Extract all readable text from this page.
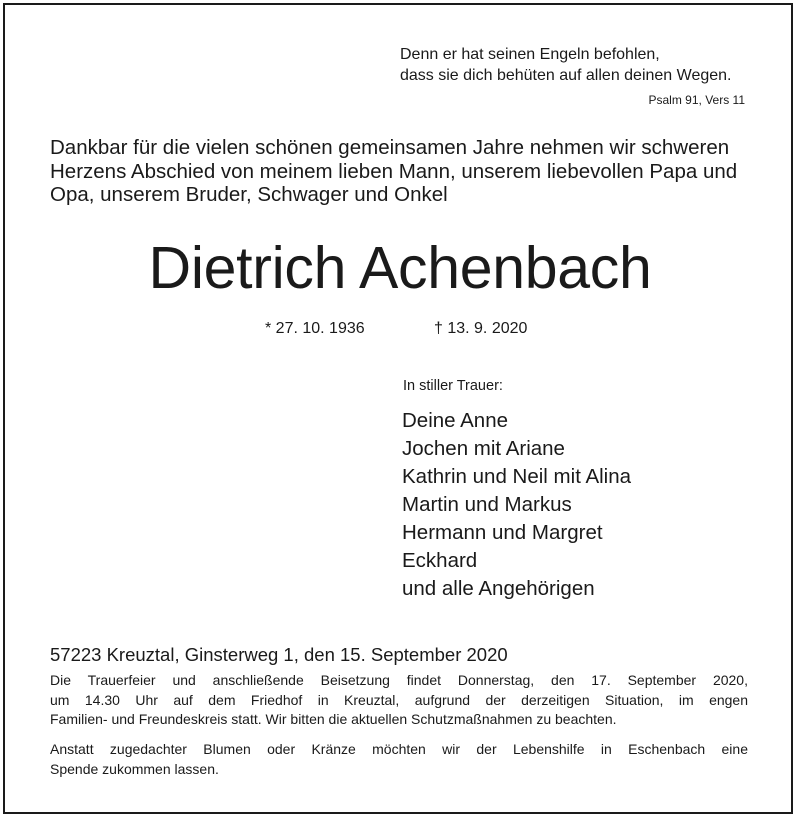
Denn er hat seinen Engeln befohlen,
dass sie dich behüten auf allen deinen Wegen.

Psalm 91, Vers 11

Dankbar für die vielen schönen gemeinsamen Jahre nehmen wir schweren
Herzens Abschied von meinem lieben Mann, unserem liebevollen Papa und
Opa, unserem Bruder, Schwager und Onkel

Dietrich Achenbach
* 27. 10. 1936	† 13. 9. 2020
In stiller Trauer:
Deine Anne
Jochen mit Ariane
Kathrin und Neil mit Alina
Martin und Markus
Hermann und Margret
Eckhard
und alle Angehörigen

57223 Kreuztal, Ginsterweg 1, den 15. September 2020

Die Trauerfeier und anschließende Beisetzung findet Donnerstag, den 17. September 2020,
um 14.30 Uhr auf dem Friedhof in Kreuztal, aufgrund der derzeitigen Situation, im engen
Familien- und Freundeskreis statt. Wir bitten die aktuellen Schutzmaßnahmen zu beachten.

Anstatt zugedachter Blumen oder Kränze möchten wir der Lebenshilfe in Eschenbach eine
Spende zukommen lassen.
